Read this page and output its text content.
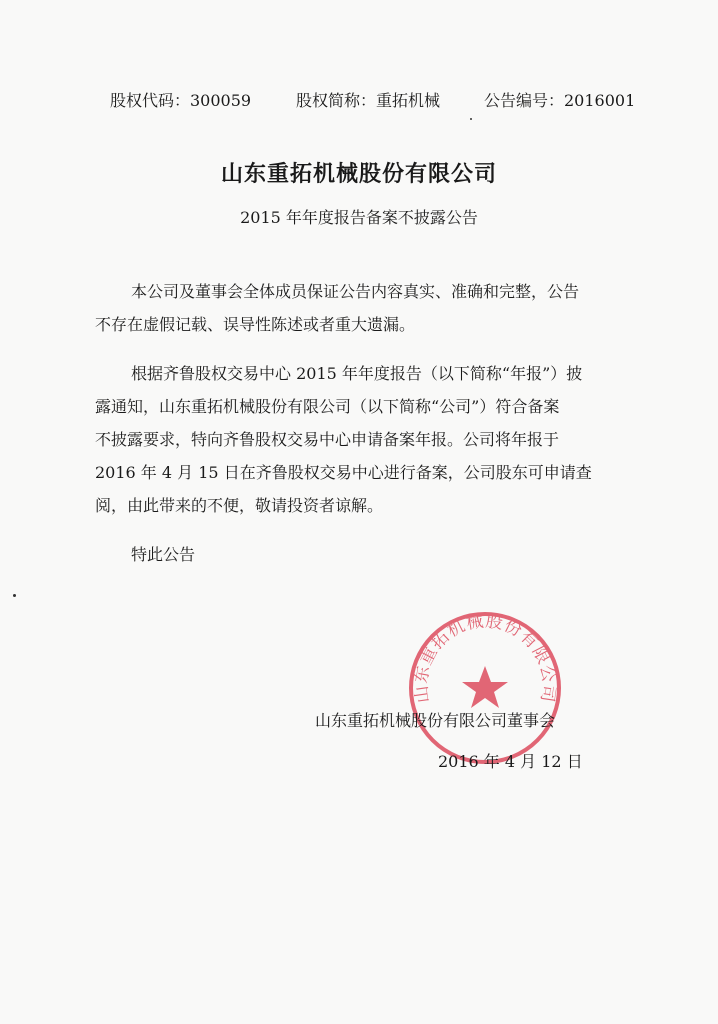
股权代码：300059	股权简称：重拓机械	公告编号：2016001
山东重拓机械股份有限公司
2015 年年度报告备案不披露公告
本公司及董事会全体成员保证公告内容真实、准确和完整，公告
不存在虚假记载、误导性陈述或者重大遗漏。
根据齐鲁股权交易中心 2015 年年度报告（以下简称“年报”）披
露通知，山东重拓机械股份有限公司（以下简称“公司”）符合备案
不披露要求，特向齐鲁股权交易中心申请备案年报。公司将年报于
2016 年 4 月 15 日在齐鲁股权交易中心进行备案，公司股东可申请查
阅，由此带来的不便，敬请投资者谅解。
特此公告
山东重拓机械股份有限公司
山东重拓机械股份有限公司董事会
2016 年 4 月 12 日
